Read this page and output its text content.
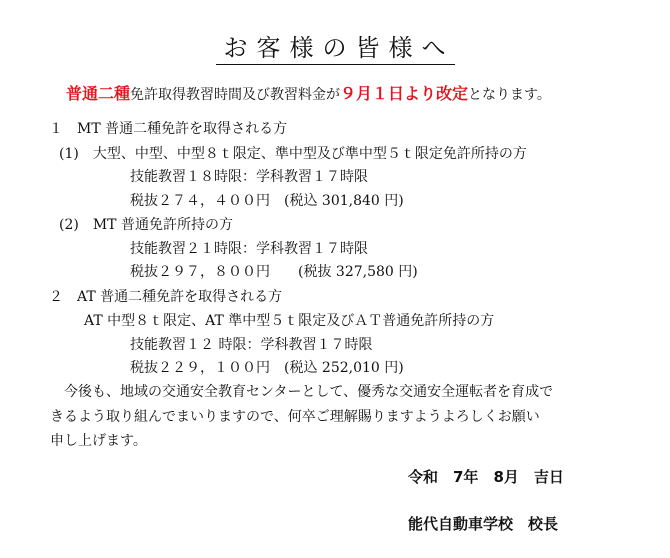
お客様の皆様へ
普通二種免許取得教習時間及び教習料金が９月１日より改定となります。
１　MT 普通二種免許を取得される方
(1)　大型、中型、中型８ｔ限定、準中型及び準中型５ｔ限定免許所持の方
技能教習１８時限：学科教習１７時限
税抜２７４，４００円　(税込 301,840 円)
(2)　MT 普通免許所持の方
技能教習２１時限：学科教習１７時限
税抜２９７，８００円　　(税抜 327,580 円)
２　AT 普通二種免許を取得される方
AT 中型８ｔ限定、AT 準中型５ｔ限定及びＡＴ普通免許所持の方
技能教習１２ 時限：学科教習１７時限
税抜２２９，１００円　(税込 252,010 円)
　今後も、地域の交通安全教育センターとして、優秀な交通安全運転者を育成で
きるよう取り組んでまいりますので、何卒ご理解賜りますようよろしくお願い
申し上げます。
令和　7年　8月　吉日
能代自動車学校　校長
